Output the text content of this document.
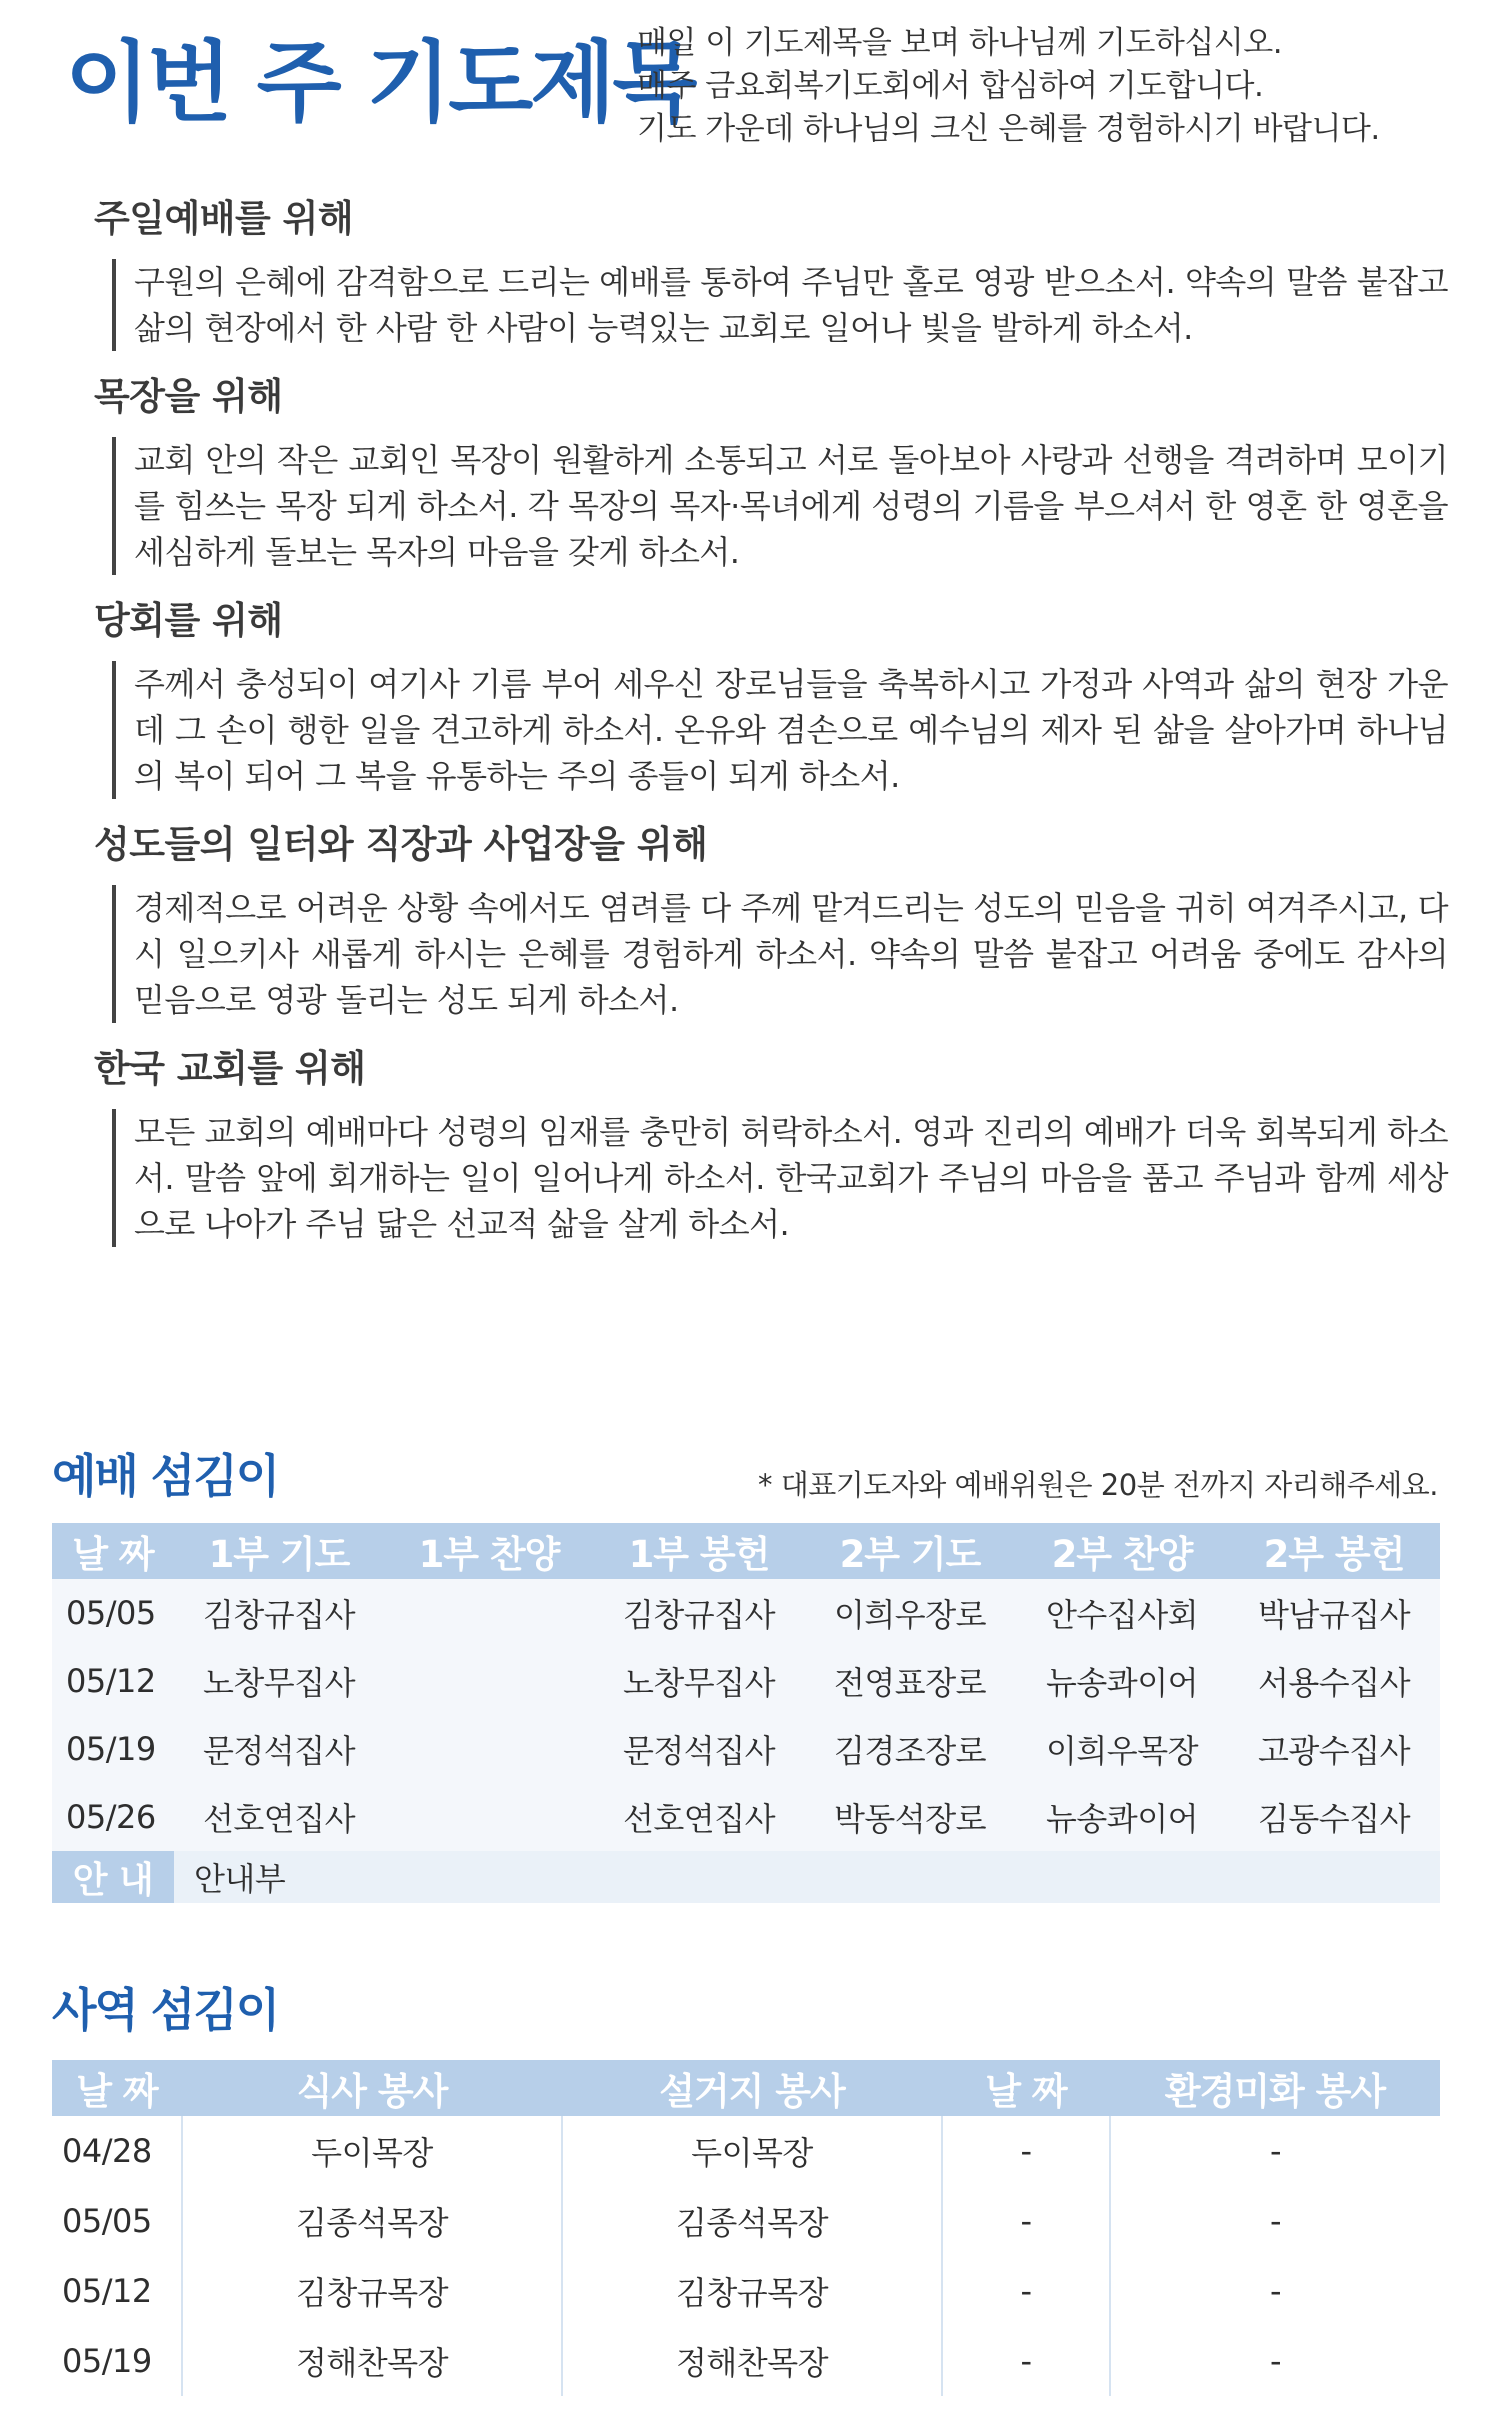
이번 주 기도제목
매일 이 기도제목을 보며 하나님께 기도하십시오.
매주 금요회복기도회에서 합심하여 기도합니다.
기도 가운데 하나님의 크신 은혜를 경험하시기 바랍니다.
주일예배를 위해
구원의 은혜에 감격함으로 드리는 예배를 통하여 주님만 홀로 영광 받으소서. 약속의 말씀 붙잡고 삶의 현장에서 한 사람 한 사람이 능력있는 교회로 일어나 빛을 발하게 하소서.
목장을 위해
교회 안의 작은 교회인 목장이 원활하게 소통되고 서로 돌아보아 사랑과 선행을 격려하며 모이기를 힘쓰는 목장 되게 하소서. 각 목장의 목자·목녀에게 성령의 기름을 부으셔서 한 영혼 한 영혼을 세심하게 돌보는 목자의 마음을 갖게 하소서.
당회를 위해
주께서 충성되이 여기사 기름 부어 세우신 장로님들을 축복하시고 가정과 사역과 삶의 현장 가운데 그 손이 행한 일을 견고하게 하소서. 온유와 겸손으로 예수님의 제자 된 삶을 살아가며 하나님의 복이 되어 그 복을 유통하는 주의 종들이 되게 하소서.
성도들의 일터와 직장과 사업장을 위해
경제적으로 어려운 상황 속에서도 염려를 다 주께 맡겨드리는 성도의 믿음을 귀히 여겨주시고, 다시 일으키사 새롭게 하시는 은혜를 경험하게 하소서. 약속의 말씀 붙잡고 어려움 중에도 감사의 믿음으로 영광 돌리는 성도 되게 하소서.
한국 교회를 위해
모든 교회의 예배마다 성령의 임재를 충만히 허락하소서. 영과 진리의 예배가 더욱 회복되게 하소서. 말씀 앞에 회개하는 일이 일어나게 하소서. 한국교회가 주님의 마음을 품고 주님과 함께 세상으로 나아가 주님 닮은 선교적 삶을 살게 하소서.
예배 섬김이	* 대표기도자와 예배위원은 20분 전까지 자리해주세요.
날 짜	1부 기도	1부 찬양	1부 봉헌	2부 기도	2부 찬양	2부 봉헌
05/05	김창규집사		김창규집사	이희우장로	안수집사회	박남규집사
05/12	노창무집사		노창무집사	전영표장로	뉴송콰이어	서용수집사
05/19	문정석집사		문정석집사	김경조장로	이희우목장	고광수집사
05/26	선호연집사		선호연집사	박동석장로	뉴송콰이어	김동수집사
안 내	안내부					
사역 섬김이
날 짜	식사 봉사	설거지 봉사	날 짜	환경미화 봉사
04/28	두이목장	두이목장	-	-
05/05	김종석목장	김종석목장	-	-
05/12	김창규목장	김창규목장	-	-
05/19	정해찬목장	정해찬목장	-	-
